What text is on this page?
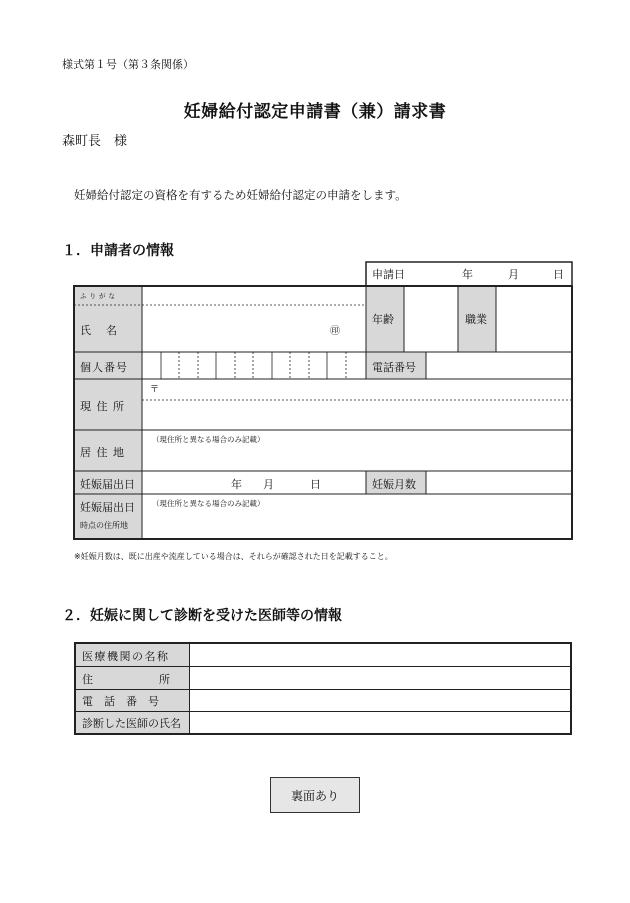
様式第１号（第３条関係）
妊婦給付認定申請書（兼）請求書
森町長　様
妊婦給付認定の資格を有するため妊婦給付認定の申請をします。
１．申請者の情報
申請日	年	月	日
ふりがな
氏　名	㊞
年齢	職業
個人番号	電話番号
〒
現 住 所
（現住所と異なる場合のみ記載）
居 住 地
妊娠届出日	年 月	日	妊娠月数
妊娠届出日
時点の住所地
（現住所と異なる場合のみ記載）
※妊娠月数は、既に出産や流産している場合は、それらが確認された日を記載すること。
２．妊娠に関して診断を受けた医師等の情報
医療機関の名称
住　　　　　　所
電　話　番　号
診断した医師の氏名
裏面あり
